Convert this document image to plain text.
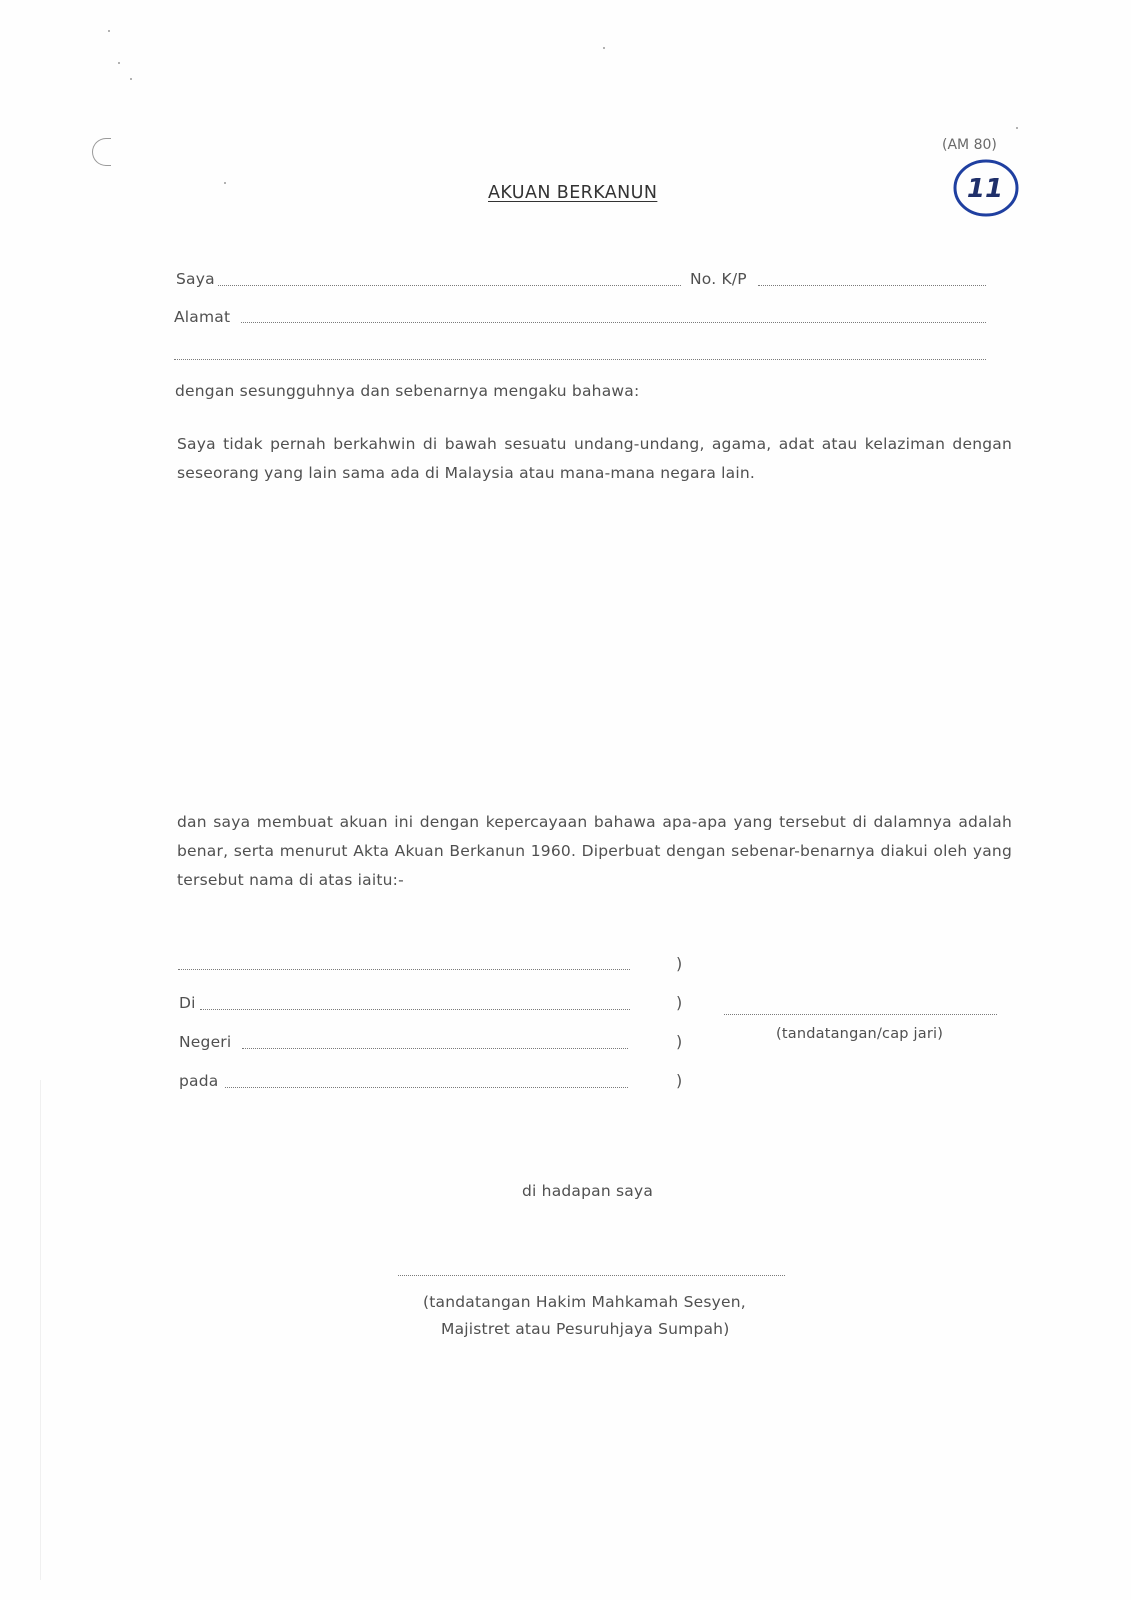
(AM 80)
11
AKUAN BERKANUN
Saya	No. K/P
Alamat
dengan sesungguhnya dan sebenarnya mengaku bahawa:
Saya tidak pernah berkahwin di bawah sesuatu undang-undang, agama, adat atau kelaziman dengan seseorang yang lain sama ada di Malaysia atau mana-mana negara lain.
dan saya membuat akuan ini dengan kepercayaan bahawa apa-apa yang tersebut di dalamnya adalah benar, serta menurut Akta Akuan Berkanun 1960. Diperbuat dengan sebenar-benarnya diakui oleh yang tersebut nama di atas iaitu:-
)
Di	)
Negeri	)
pada	)
(tandatangan/cap jari)
di hadapan saya
(tandatangan Hakim Mahkamah Sesyen,
Majistret atau Pesuruhjaya Sumpah)
